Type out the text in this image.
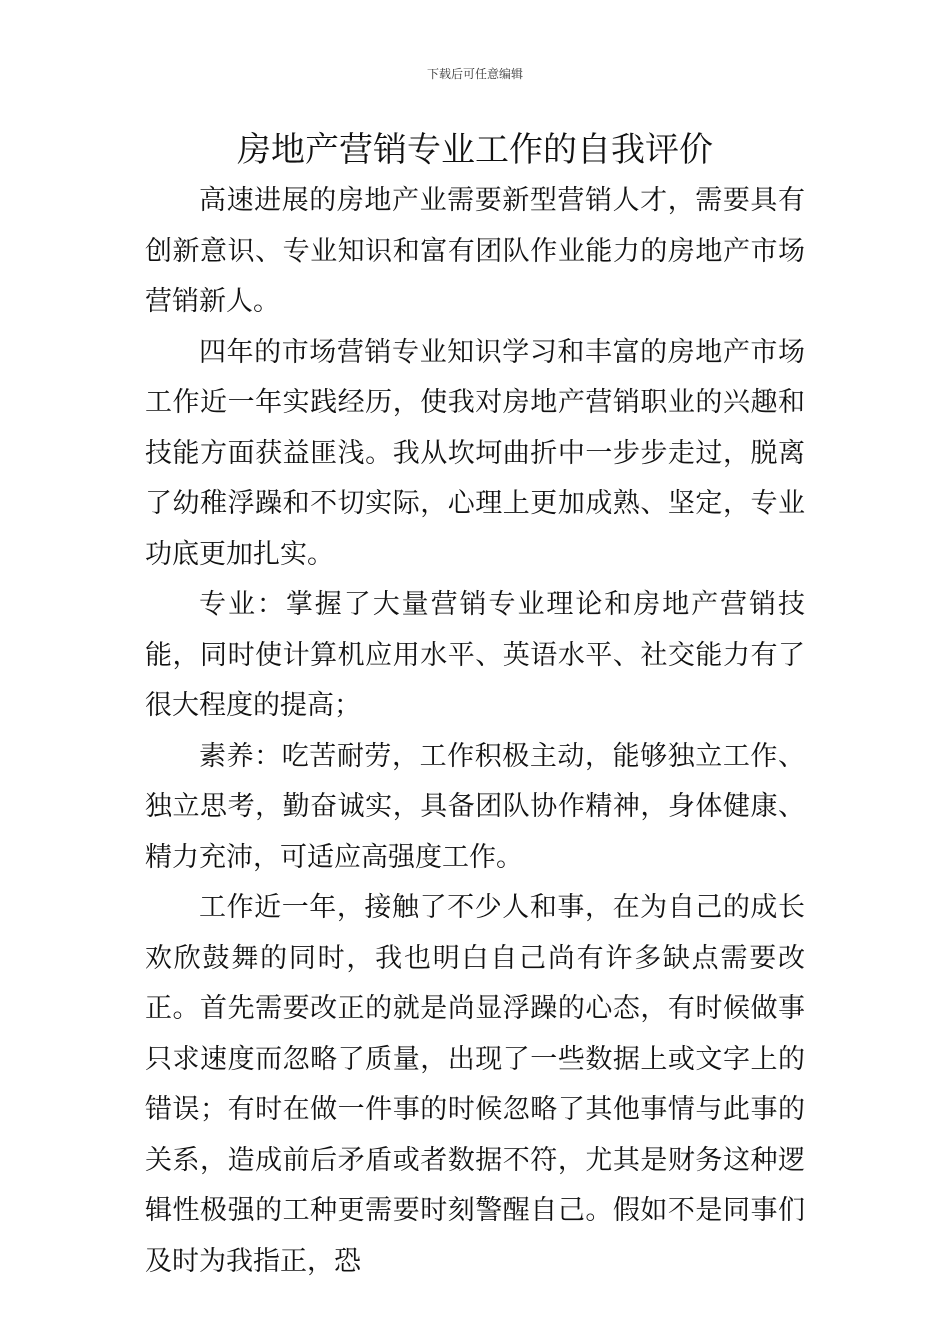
下载后可任意编辑
房地产营销专业工作的自我评价

高速进展的房地产业需要新型营销人才，需要具有创新意识、专业知识和富有团队作业能力的房地产市场营销新人。

四年的市场营销专业知识学习和丰富的房地产市场工作近一年实践经历，使我对房地产营销职业的兴趣和技能方面获益匪浅。我从坎坷曲折中一步步走过，脱离了幼稚浮躁和不切实际，心理上更加成熟、坚定，专业功底更加扎实。

专业：掌握了大量营销专业理论和房地产营销技能，同时使计算机应用水平、英语水平、社交能力有了很大程度的提高；

素养：吃苦耐劳，工作积极主动，能够独立工作、独立思考，勤奋诚实，具备团队协作精神，身体健康、精力充沛，可适应高强度工作。

工作近一年，接触了不少人和事，在为自己的成长欢欣鼓舞的同时，我也明白自己尚有许多缺点需要改正。首先需要改正的就是尚显浮躁的心态，有时候做事只求速度而忽略了质量，出现了一些数据上或文字上的错误；有时在做一件事的时候忽略了其他事情与此事的关系，造成前后矛盾或者数据不符，尤其是财务这种逻辑性极强的工种更需要时刻警醒自己。假如不是同事们及时为我指正，恐
